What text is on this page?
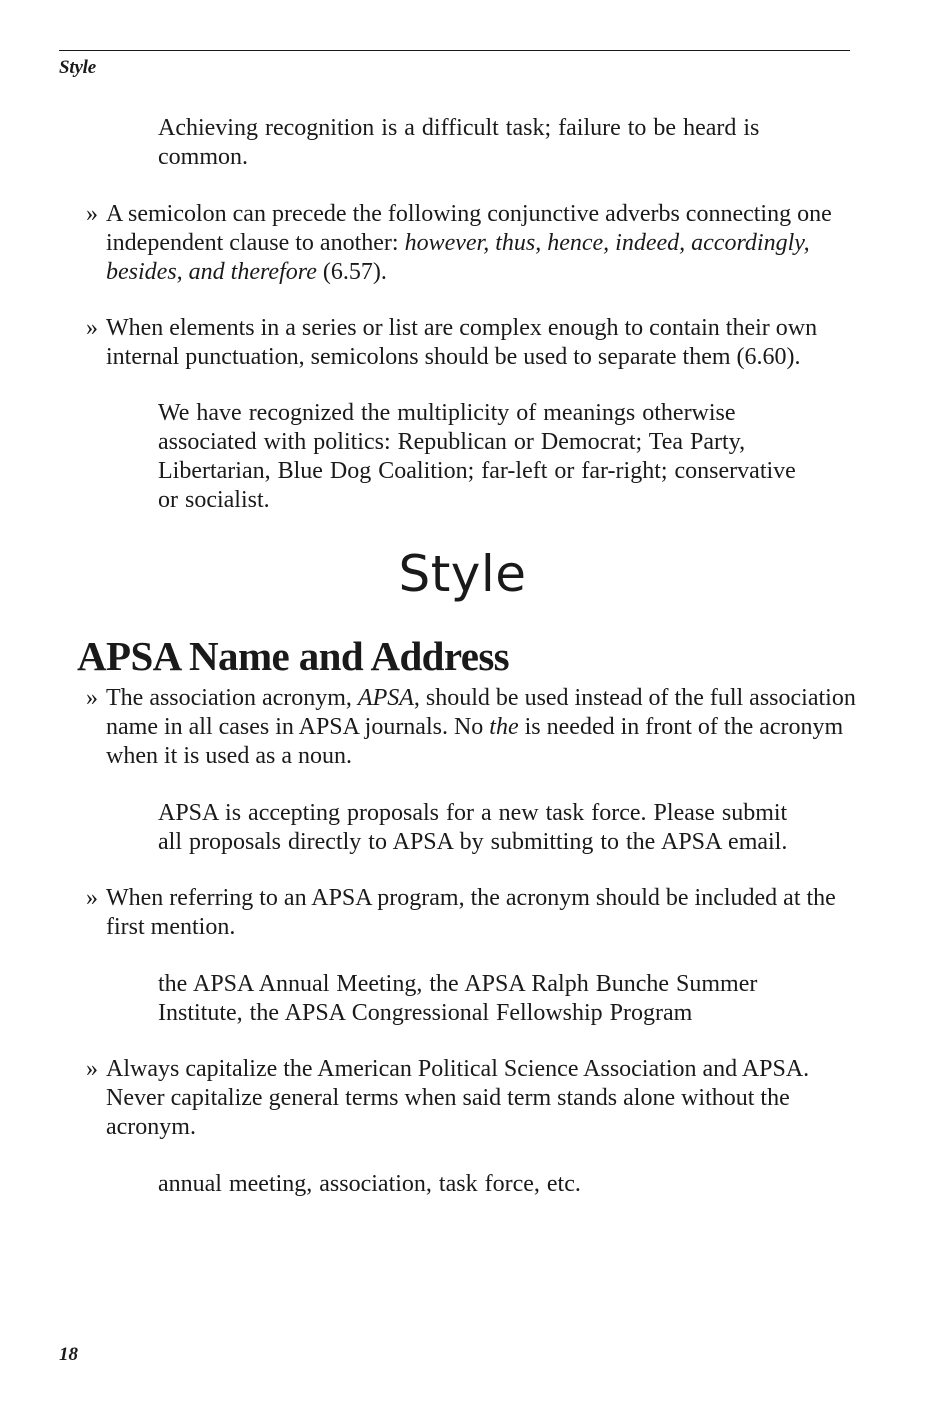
Style
Achieving recognition is a difficult task; failure to be heard is common.
» A semicolon can precede the following conjunctive adverbs connecting one independent clause to another: however, thus, hence, indeed, accordingly, besides, and therefore (6.57).
» When elements in a series or list are complex enough to contain their own internal punctuation, semicolons should be used to separate them (6.60).
We have recognized the multiplicity of meanings otherwise associated with politics: Republican or Democrat; Tea Party, Libertarian, Blue Dog Coalition; far-left or far-right; conservative or socialist.
Style
APSA Name and Address
» The association acronym, APSA, should be used instead of the full association name in all cases in APSA journals. No the is needed in front of the acronym when it is used as a noun.
APSA is accepting proposals for a new task force. Please submit all proposals directly to APSA by submitting to the APSA email.
» When referring to an APSA program, the acronym should be included at the first mention.
the APSA Annual Meeting, the APSA Ralph Bunche Summer Institute, the APSA Congressional Fellowship Program
» Always capitalize the American Political Science Association and APSA. Never capitalize general terms when said term stands alone without the acronym.
annual meeting, association, task force, etc.
18
